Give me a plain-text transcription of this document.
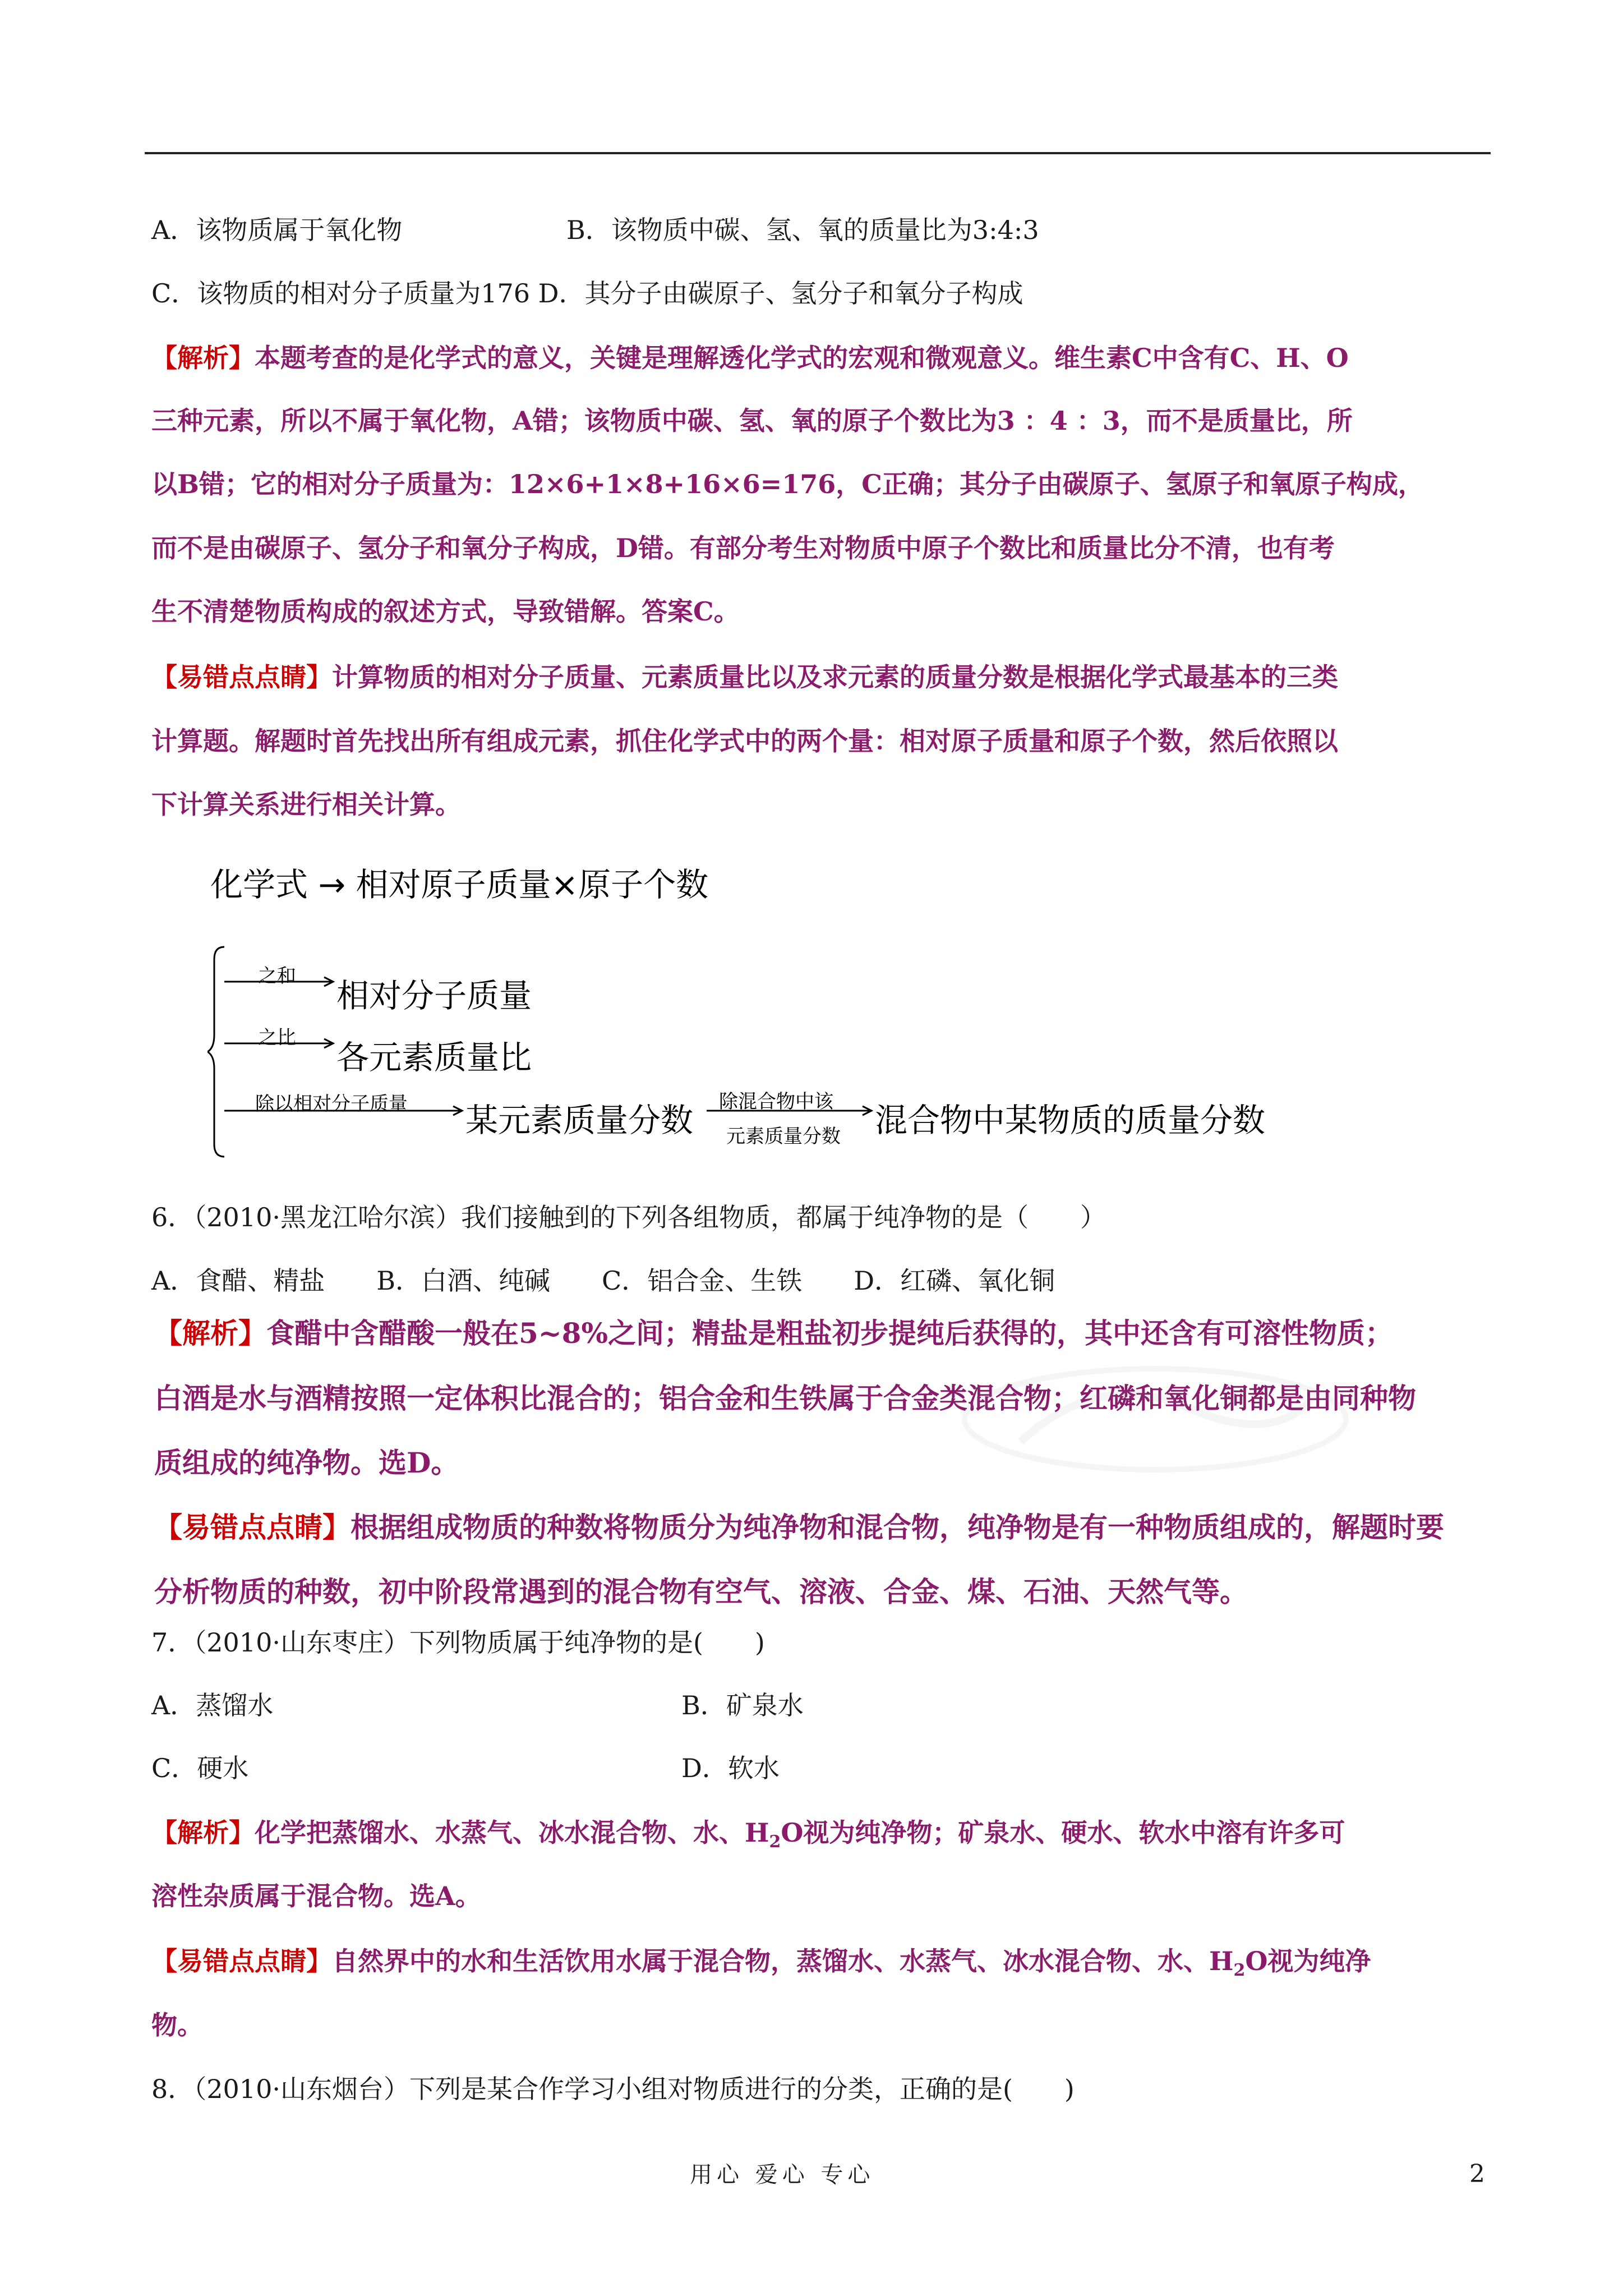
A．该物质属于氧化物	B．该物质中碳、氢、氧的质量比为3:4:3
C．该物质的相对分子质量为176 D．其分子由碳原子、氢分子和氧分子构成
【解析】本题考查的是化学式的意义，关键是理解透化学式的宏观和微观意义。维生素C中含有C、H、O
三种元素，所以不属于氧化物，A错；该物质中碳、氢、氧的原子个数比为3 ：4 ：3，而不是质量比，所
以B错；它的相对分子质量为：12×6+1×8+16×6=176，C正确；其分子由碳原子、氢原子和氧原子构成，
而不是由碳原子、氢分子和氧分子构成，D错。有部分考生对物质中原子个数比和质量比分不清，也有考
生不清楚物质构成的叙述方式，导致错解。答案C。
【易错点点睛】计算物质的相对分子质量、元素质量比以及求元素的质量分数是根据化学式最基本的三类
计算题。解题时首先找出所有组成元素，抓住化学式中的两个量：相对原子质量和原子个数，然后依照以
下计算关系进行相关计算。
化学式 → 相对原子质量×原子个数
之和
相对分子质量
之比
各元素质量比
除以相对分子质量 某元素质量分数 除混合物中该
元素质量分数 混合物中某物质的质量分数
6．（2010·黑龙江哈尔滨）我们接触到的下列各组物质，都属于纯净物的是（　　）
A．食醋、精盐　　B．白酒、纯碱　　C．铝合金、生铁　　D．红磷、氧化铜
【解析】食醋中含醋酸一般在5~8%之间；精盐是粗盐初步提纯后获得的，其中还含有可溶性物质；
白酒是水与酒精按照一定体积比混合的；铝合金和生铁属于合金类混合物；红磷和氧化铜都是由同种物
质组成的纯净物。选D。
【易错点点睛】根据组成物质的种数将物质分为纯净物和混合物，纯净物是有一种物质组成的，解题时要
分析物质的种数，初中阶段常遇到的混合物有空气、溶液、合金、煤、石油、天然气等。
7．（2010·山东枣庄）下列物质属于纯净物的是(　　)
A．蒸馏水	B．矿泉水
C．硬水	D．软水
【解析】化学把蒸馏水、水蒸气、冰水混合物、水、$H_2O$视为纯净物；矿泉水、硬水、软水中溶有许多可
溶性杂质属于混合物。选A。
【易错点点睛】自然界中的水和生活饮用水属于混合物，蒸馏水、水蒸气、冰水混合物、水、$H_2O$视为纯净
物。
8．（2010·山东烟台）下列是某合作学习小组对物质进行的分类，正确的是(　　)
用心 爱心 专心	2
